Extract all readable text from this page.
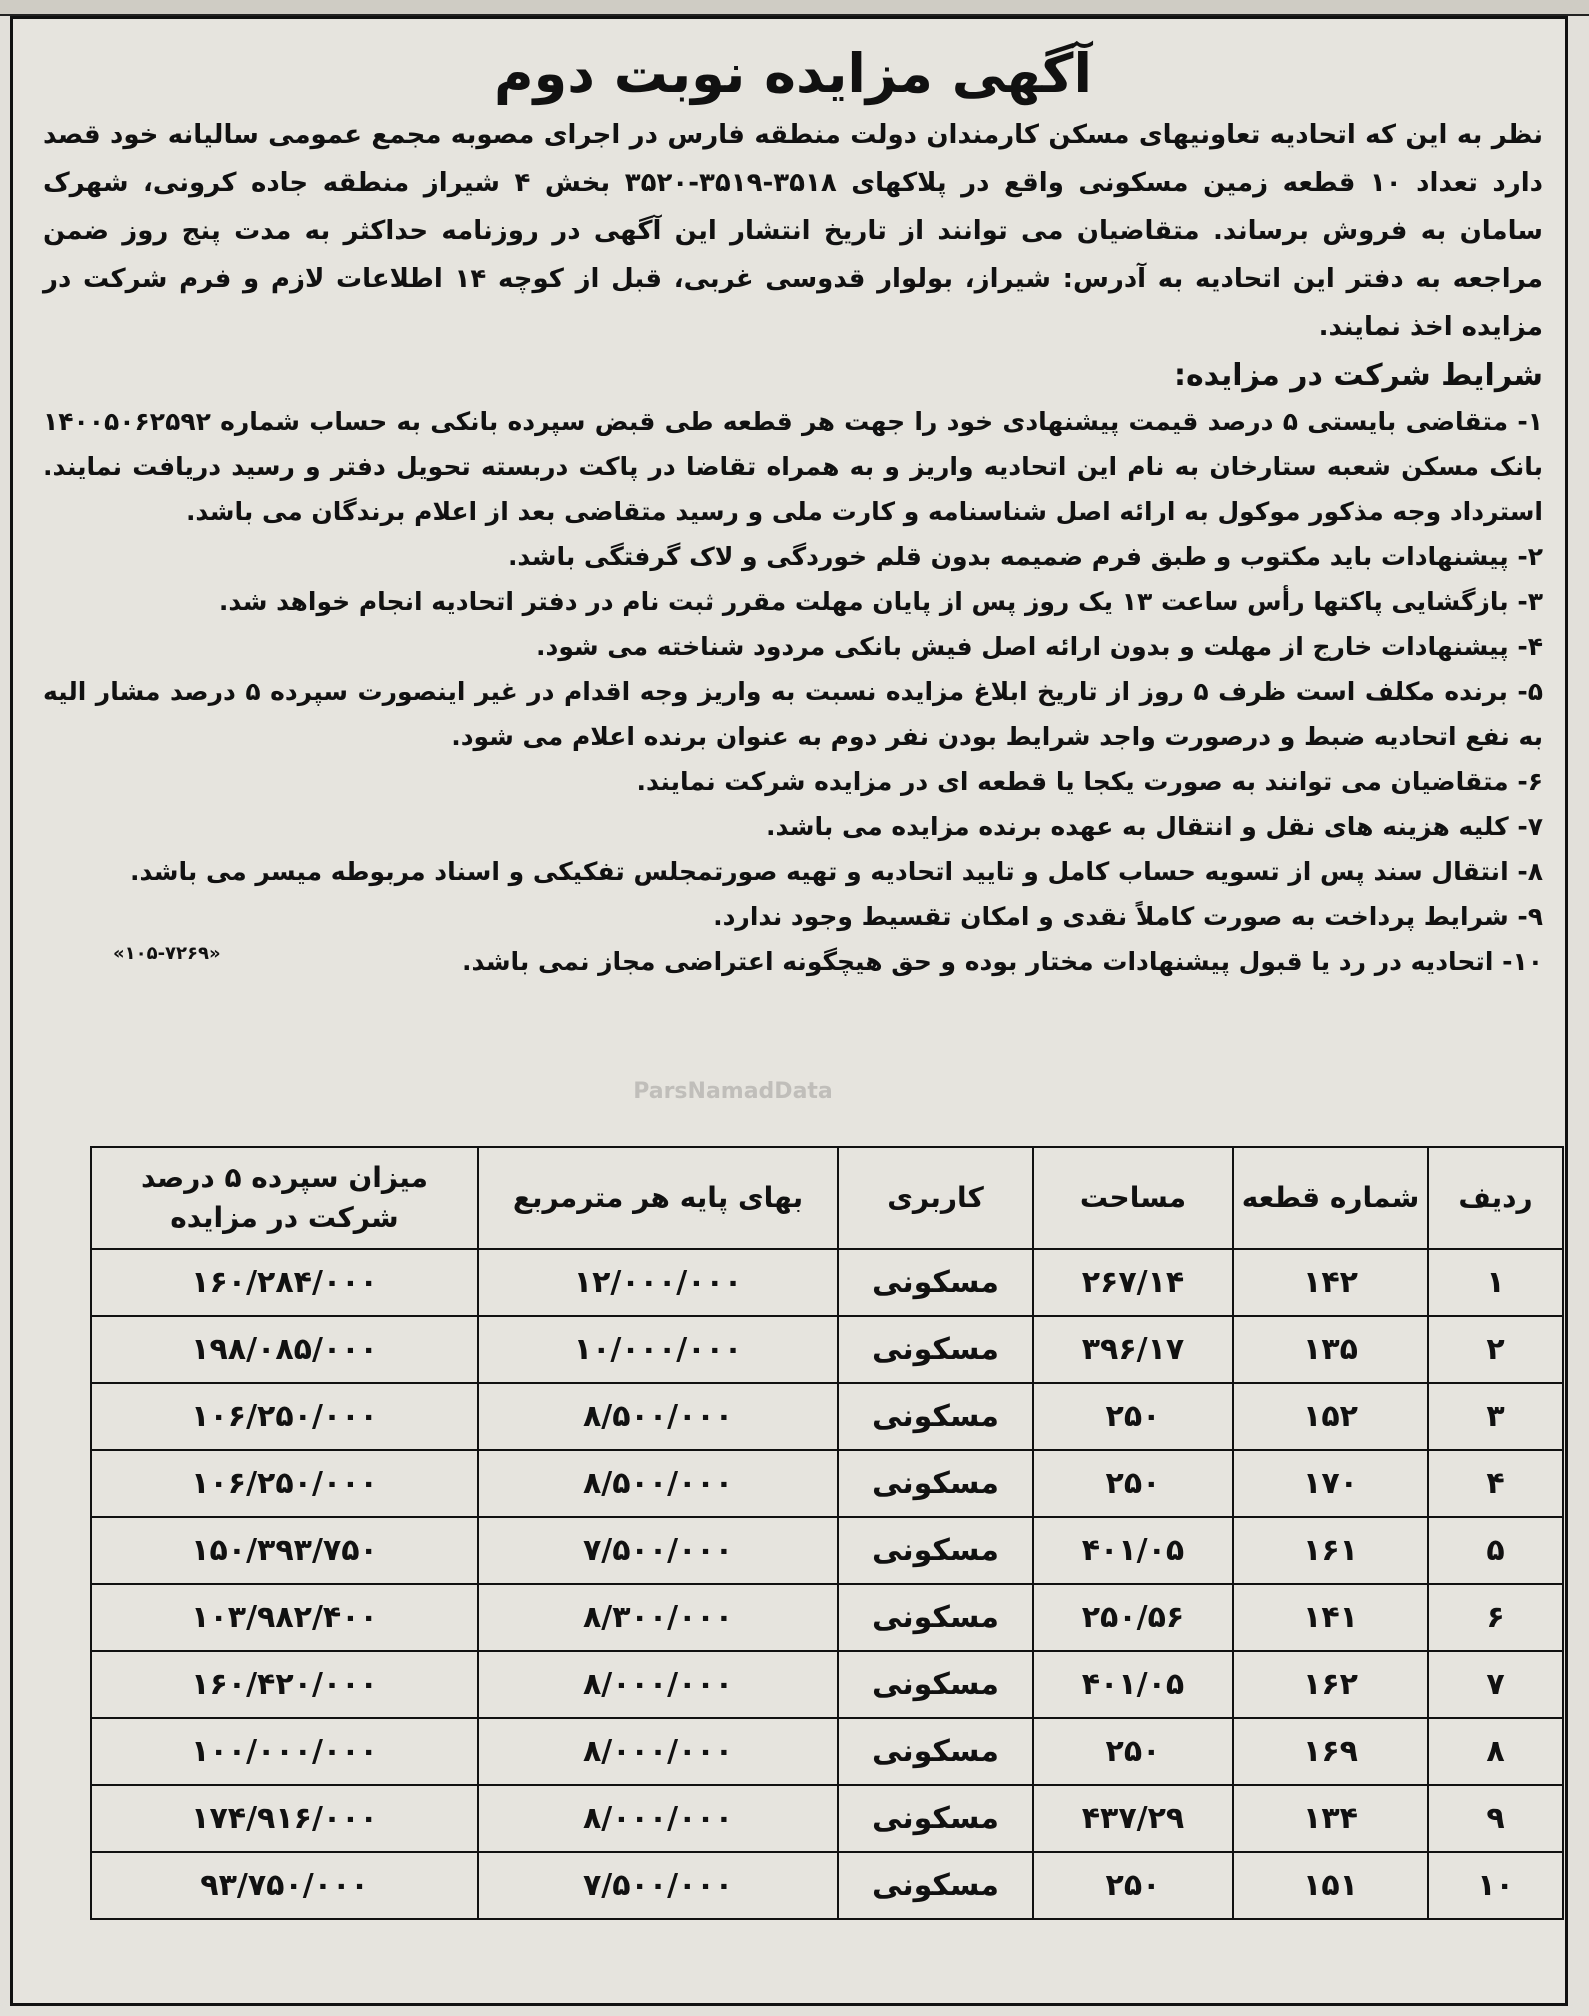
آگهی مزایده نوبت دوم

نظر به این که اتحادیه تعاونیهای مسکن کارمندان دولت منطقه فارس در اجرای مصوبه مجمع عمومی سالیانه خود قصد دارد تعداد ۱۰ قطعه زمین مسکونی واقع در پلاکهای ۳۵۱۸-۳۵۱۹-۳۵۲۰ بخش ۴ شیراز منطقه جاده کرونی، شهرک سامان به فروش برساند. متقاضیان می توانند از تاریخ انتشار این آگهی در روزنامه حداکثر به مدت پنج روز ضمن مراجعه به دفتر این اتحادیه به آدرس: شیراز، بولوار قدوسی غربی، قبل از کوچه ۱۴ اطلاعات لازم و فرم شرکت در مزایده اخذ نمایند.

شرایط شرکت در مزایده:

۱- متقاضی بایستی ۵ درصد قیمت پیشنهادی خود را جهت هر قطعه طی قبض سپرده بانکی به حساب شماره ۱۴۰۰۵۰۶۲۵۹۲ بانک مسکن شعبه ستارخان به نام این اتحادیه واریز و به همراه تقاضا در پاکت دربسته تحویل دفتر و رسید دریافت نمایند. استرداد وجه مذکور موکول به ارائه اصل شناسنامه و کارت ملی و رسید متقاضی بعد از اعلام برندگان می باشد.

۲- پیشنهادات باید مکتوب و طبق فرم ضمیمه بدون قلم خوردگی و لاک گرفتگی باشد.

۳- بازگشایی پاکتها رأس ساعت ۱۳ یک روز پس از پایان مهلت مقرر ثبت نام در دفتر اتحادیه انجام خواهد شد.

۴- پیشنهادات خارج از مهلت و بدون ارائه اصل فیش بانکی مردود شناخته می شود.

۵- برنده مکلف است ظرف ۵ روز از تاریخ ابلاغ مزایده نسبت به واریز وجه اقدام در غیر اینصورت سپرده ۵ درصد مشار الیه به نفع اتحادیه ضبط و درصورت واجد شرایط بودن نفر دوم به عنوان برنده اعلام می شود.

۶- متقاضیان می توانند به صورت یکجا یا قطعه ای در مزایده شرکت نمایند.

۷- کلیه هزینه های نقل و انتقال به عهده برنده مزایده می باشد.

۸- انتقال سند پس از تسویه حساب کامل و تایید اتحادیه و تهیه صورتمجلس تفکیکی و اسناد مربوطه میسر می باشد.

۹- شرایط پرداخت به صورت کاملاً نقدی و امکان تقسیط وجود ندارد.

۱۰- اتحادیه در رد یا قبول پیشنهادات مختار بوده و حق هیچگونه اعتراضی مجاز نمی باشد.
«۱۰۵-۷۲۶۹»
ParsNamadData
ردیف	شماره قطعه	مساحت	کاربری	بهای پایه هر مترمربع	میزان سپرده ۵ درصد شرکت در مزایده
۱	۱۴۲	۲۶۷/۱۴	مسکونی	۱۲/۰۰۰/۰۰۰	۱۶۰/۲۸۴/۰۰۰
۲	۱۳۵	۳۹۶/۱۷	مسکونی	۱۰/۰۰۰/۰۰۰	۱۹۸/۰۸۵/۰۰۰
۳	۱۵۲	۲۵۰	مسکونی	۸/۵۰۰/۰۰۰	۱۰۶/۲۵۰/۰۰۰
۴	۱۷۰	۲۵۰	مسکونی	۸/۵۰۰/۰۰۰	۱۰۶/۲۵۰/۰۰۰
۵	۱۶۱	۴۰۱/۰۵	مسکونی	۷/۵۰۰/۰۰۰	۱۵۰/۳۹۳/۷۵۰
۶	۱۴۱	۲۵۰/۵۶	مسکونی	۸/۳۰۰/۰۰۰	۱۰۳/۹۸۲/۴۰۰
۷	۱۶۲	۴۰۱/۰۵	مسکونی	۸/۰۰۰/۰۰۰	۱۶۰/۴۲۰/۰۰۰
۸	۱۶۹	۲۵۰	مسکونی	۸/۰۰۰/۰۰۰	۱۰۰/۰۰۰/۰۰۰
۹	۱۳۴	۴۳۷/۲۹	مسکونی	۸/۰۰۰/۰۰۰	۱۷۴/۹۱۶/۰۰۰
۱۰	۱۵۱	۲۵۰	مسکونی	۷/۵۰۰/۰۰۰	۹۳/۷۵۰/۰۰۰
